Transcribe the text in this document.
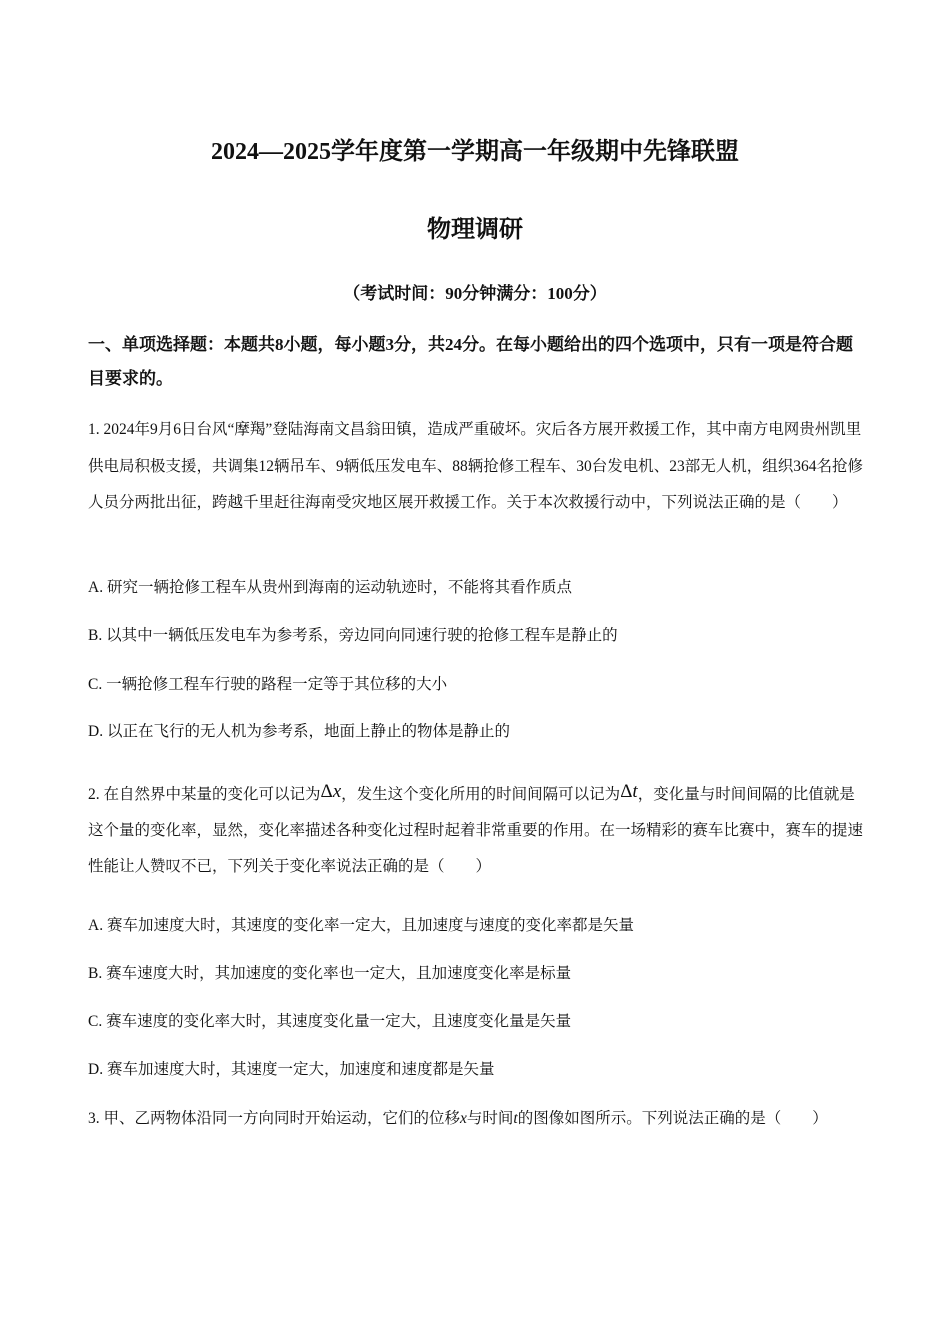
2024—2025学年度第一学期高一年级期中先锋联盟
物理调研
（考试时间：90分钟满分：100分）
一、单项选择题：本题共8小题，每小题3分，共24分。在每小题给出的四个选项中，只有一项是符合题目要求的。
1. 2024年9月6日台风“摩羯”登陆海南文昌翁田镇，造成严重破坏。灾后各方展开救援工作，其中南方电网贵州凯里供电局积极支援，共调集12辆吊车、9辆低压发电车、88辆抢修工程车、30台发电机、23部无人机，组织364名抢修人员分两批出征，跨越千里赶往海南受灾地区展开救援工作。关于本次救援行动中，下列说法正确的是（　　）
A. 研究一辆抢修工程车从贵州到海南的运动轨迹时，不能将其看作质点
B. 以其中一辆低压发电车为参考系，旁边同向同速行驶的抢修工程车是静止的
C. 一辆抢修工程车行驶的路程一定等于其位移的大小
D. 以正在飞行的无人机为参考系，地面上静止的物体是静止的
2. 在自然界中某量的变化可以记为Δx，发生这个变化所用的时间间隔可以记为Δt，变化量与时间间隔的比值就是这个量的变化率，显然，变化率描述各种变化过程时起着非常重要的作用。在一场精彩的赛车比赛中，赛车的提速性能让人赞叹不已，下列关于变化率说法正确的是（　　）
A. 赛车加速度大时，其速度的变化率一定大，且加速度与速度的变化率都是矢量
B. 赛车速度大时，其加速度的变化率也一定大，且加速度变化率是标量
C. 赛车速度的变化率大时，其速度变化量一定大，且速度变化量是矢量
D. 赛车加速度大时，其速度一定大，加速度和速度都是矢量
3. 甲、乙两物体沿同一方向同时开始运动，它们的位移x与时间t的图像如图所示。下列说法正确的是（　　）
